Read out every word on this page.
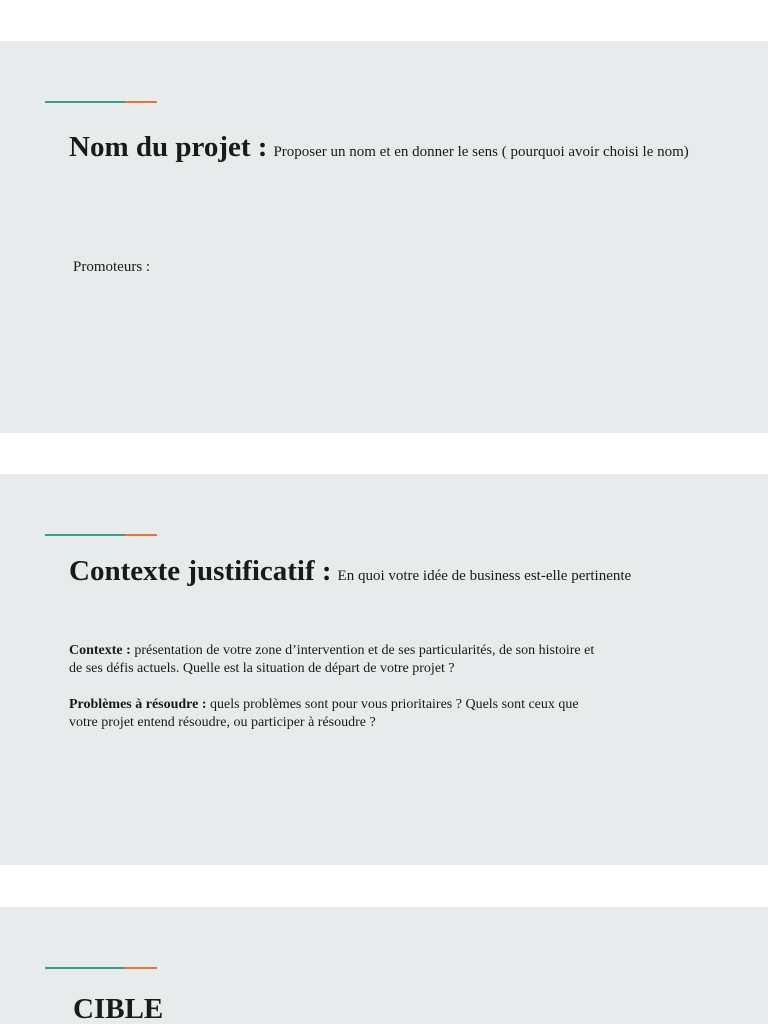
Nom du projet : Proposer un nom et en donner le sens ( pourquoi avoir choisi le nom)
Promoteurs :
Contexte justificatif : En quoi votre idée de business est-elle pertinente

Contexte : présentation de votre zone d’intervention et de ses particularités, de son histoire et de ses défis actuels. Quelle est la situation de départ de votre projet ?

Problèmes à résoudre : quels problèmes sont pour vous prioritaires ? Quels sont ceux que votre projet entend résoudre, ou participer à résoudre ?

CIBLE
